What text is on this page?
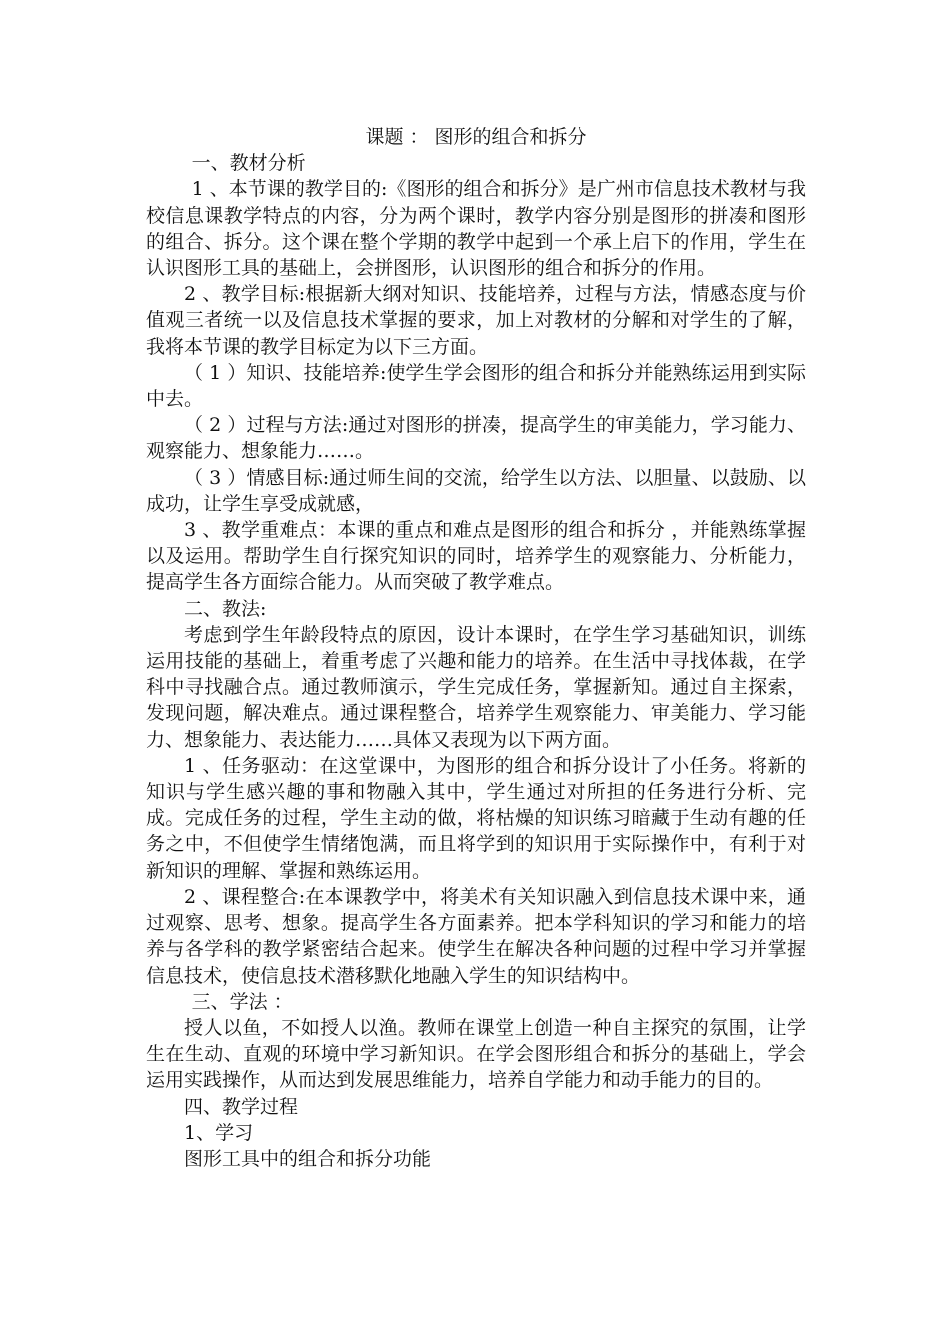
课题 ： 图形的组合和拆分

一、教材分析

1 、本节课的教学目的:《图形的组合和拆分》是广州市信息技术教材与我校信息课教学特点的内容，分为两个课时，教学内容分别是图形的拼凑和图形的组合、拆分。这个课在整个学期的教学中起到一个承上启下的作用，学生在认识图形工具的基础上，会拼图形，认识图形的组合和拆分的作用。

2 、教学目标:根据新大纲对知识、技能培养，过程与方法，情感态度与价值观三者统一以及信息技术掌握的要求，加上对教材的分解和对学生的了解，我将本节课的教学目标定为以下三方面。

（ 1 ）知识、技能培养:使学生学会图形的组合和拆分并能熟练运用到实际中去。

（ 2 ）过程与方法:通过对图形的拼凑，提高学生的审美能力，学习能力、观察能力、想象能力……。

（ 3 ）情感目标:通过师生间的交流，给学生以方法、以胆量、以鼓励、以成功，让学生享受成就感，

3 、教学重难点：本课的重点和难点是图形的组合和拆分 ，并能熟练掌握以及运用。帮助学生自行探究知识的同时，培养学生的观察能力、分析能力，提高学生各方面综合能力。从而突破了教学难点。

二、教法:

考虑到学生年龄段特点的原因，设计本课时，在学生学习基础知识，训练运用技能的基础上，着重考虑了兴趣和能力的培养。在生活中寻找体裁，在学科中寻找融合点。通过教师演示，学生完成任务，掌握新知。通过自主探索，发现问题，解决难点。通过课程整合，培养学生观察能力、审美能力、学习能力、想象能力、表达能力……具体又表现为以下两方面。

1 、任务驱动：在这堂课中，为图形的组合和拆分设计了小任务。将新的知识与学生感兴趣的事和物融入其中，学生通过对所担的任务进行分析、完成。完成任务的过程，学生主动的做，将枯燥的知识练习暗藏于生动有趣的任务之中，不但使学生情绪饱满，而且将学到的知识用于实际操作中，有利于对新知识的理解、掌握和熟练运用。

2 、课程整合:在本课教学中，将美术有关知识融入到信息技术课中来，通过观察、思考、想象。提高学生各方面素养。把本学科知识的学习和能力的培养与各学科的教学紧密结合起来。使学生在解决各种问题的过程中学习并掌握信息技术，使信息技术潜移默化地融入学生的知识结构中。

三、学法 ：

授人以鱼，不如授人以渔。教师在课堂上创造一种自主探究的氛围，让学生在生动、直观的环境中学习新知识。在学会图形组合和拆分的基础上，学会运用实践操作，从而达到发展思维能力，培养自学能力和动手能力的目的。

四、教学过程

1、学习

图形工具中的组合和拆分功能
